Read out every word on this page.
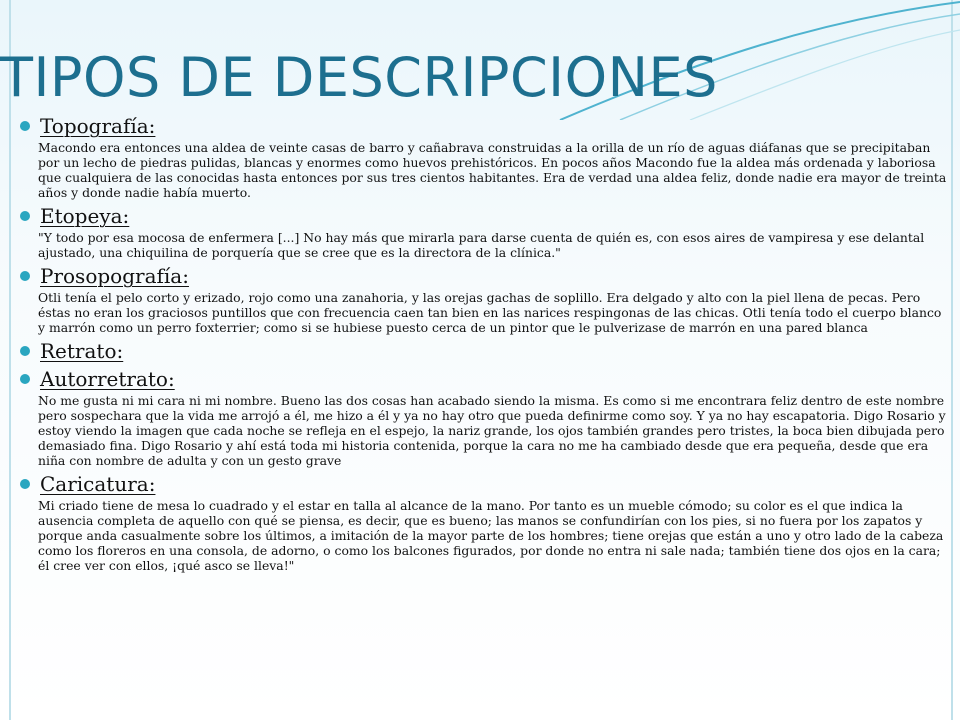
TIPOS DE DESCRIPCIONES
Topografía:

Macondo era entonces una aldea de veinte casas de barro y cañabrava construidas a la orilla de un río de aguas diáfanas que se precipitaban por un lecho de piedras pulidas, blancas y enormes como huevos prehistóricos. En pocos años Macondo fue la aldea más ordenada y laboriosa que cualquiera de las conocidas hasta entonces por sus tres cientos habitantes. Era de verdad una aldea feliz, donde nadie era mayor de treinta años y donde nadie había muerto.

Etopeya:

"Y todo por esa mocosa de enfermera [...] No hay más que mirarla para darse cuenta de quién es, con esos aires de vampiresa y ese delantal ajustado, una chiquilina de porquería que se cree que es la directora de la clínica."

Prosopografía:

Otli tenía el pelo corto y erizado, rojo como una zanahoria, y las orejas gachas de soplillo. Era delgado y alto con la piel llena de pecas. Pero éstas no eran los graciosos puntillos que con frecuencia caen tan bien en las narices respingonas de las chicas. Otli tenía todo el cuerpo blanco y marrón como un perro foxterrier; como si se hubiese puesto cerca de un pintor que le pulverizase de marrón en una pared blanca

Retrato:
Autorretrato:

No me gusta ni mi cara ni mi nombre. Bueno las dos cosas han acabado siendo la misma. Es como si me encontrara feliz dentro de este nombre pero sospechara que la vida me arrojó a él, me hizo a él y ya no hay otro que pueda definirme como soy. Y ya no hay escapatoria. Digo Rosario y estoy viendo la imagen que cada noche se refleja en el espejo, la nariz grande, los ojos también grandes pero tristes, la boca bien dibujada pero demasiado fina. Digo Rosario y ahí está toda mi historia contenida, porque la cara no me ha cambiado desde que era pequeña, desde que era niña con nombre de adulta y con un gesto grave

Caricatura:

Mi criado tiene de mesa lo cuadrado y el estar en talla al alcance de la mano. Por tanto es un mueble cómodo; su color es el que indica la ausencia completa de aquello con qué se piensa, es decir, que es bueno; las manos se confundirían con los pies, si no fuera por los zapatos y porque anda casualmente sobre los últimos, a imitación de la mayor parte de los hombres; tiene orejas que están a uno y otro lado de la cabeza como los floreros en una consola, de adorno, o como los balcones figurados, por donde no entra ni sale nada; también tiene dos ojos en la cara; él cree ver con ellos, ¡qué asco se lleva!"
